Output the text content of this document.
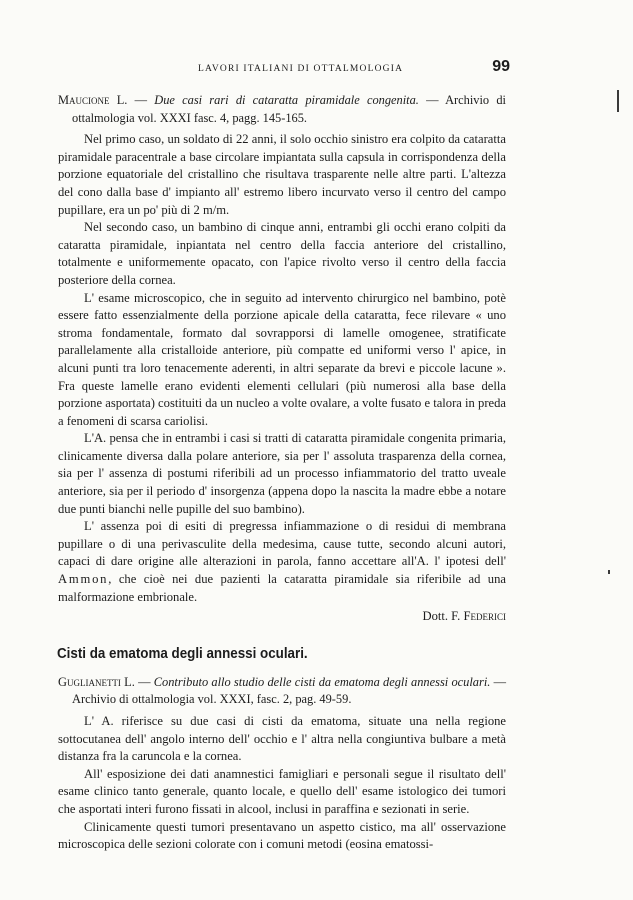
LAVORI ITALIANI DI OTTALMOLOGIA	99
Maucione L. — Due casi rari di cataratta piramidale congenita. — Archivio di ottalmologia vol. XXXI fasc. 4, pagg. 145-165.

Nel primo caso, un soldato di 22 anni, il solo occhio sinistro era colpito da cataratta piramidale paracentrale a base circolare impiantata sulla capsula in corrispondenza della porzione equatoriale del cristallino che risultava trasparente nelle altre parti. L'altezza del cono dalla base d' impianto all' estremo libero incurvato verso il centro del campo pupillare, era un po' più di 2 m/m.

Nel secondo caso, un bambino di cinque anni, entrambi gli occhi erano colpiti da cataratta piramidale, inpiantata nel centro della faccia anteriore del cristallino, totalmente e uniformemente opacato, con l'apice rivolto verso il centro della faccia posteriore della cornea.

L' esame microscopico, che in seguito ad intervento chirurgico nel bambino, potè essere fatto essenzialmente della porzione apicale della cataratta, fece rilevare « uno stroma fondamentale, formato dal sovrapporsi di lamelle omogenee, stratificate parallelamente alla cristalloide anteriore, più compatte ed uniformi verso l' apice, in alcuni punti tra loro tenacemente aderenti, in altri separate da brevi e piccole lacune ». Fra queste lamelle erano evidenti elementi cellulari (più numerosi alla base della porzione asportata) costituiti da un nucleo a volte ovalare, a volte fusato e talora in preda a fenomeni di scarsa cariolisi.

L'A. pensa che in entrambi i casi si tratti di cataratta piramidale congenita primaria, clinicamente diversa dalla polare anteriore, sia per l' assoluta trasparenza della cornea, sia per l' assenza di postumi riferibili ad un processo infiammatorio del tratto uveale anteriore, sia per il periodo d' insorgenza (appena dopo la nascita la madre ebbe a notare due punti bianchi nelle pupille del suo bambino).

L' assenza poi di esiti di pregressa infiammazione o di residui di membrana pupillare o di una perivasculite della medesima, cause tutte, secondo alcuni autori, capaci di dare origine alle alterazioni in parola, fanno accettare all'A. l' ipotesi dell' Ammon, che cioè nei due pazienti la cataratta piramidale sia riferibile ad una malformazione embrionale.

Dott. F. Federici
Cisti da ematoma degli annessi oculari.
Guglianetti L. — Contributo allo studio delle cisti da ematoma degli annessi oculari. — Archivio di ottalmologia vol. XXXI, fasc. 2, pag. 49-59.

L' A. riferisce su due casi di cisti da ematoma, situate una nella regione sottocutanea dell' angolo interno dell' occhio e l' altra nella congiuntiva bulbare a metà distanza fra la caruncola e la cornea.

All' esposizione dei dati anamnestici famigliari e personali segue il risultato dell' esame clinico tanto generale, quanto locale, e quello dell' esame istologico dei tumori che asportati interi furono fissati in alcool, inclusi in paraffina e sezionati in serie.

Clinicamente questi tumori presentavano un aspetto cistico, ma all' osservazione microscopica delle sezioni colorate con i comuni metodi (eosina ematossi-
